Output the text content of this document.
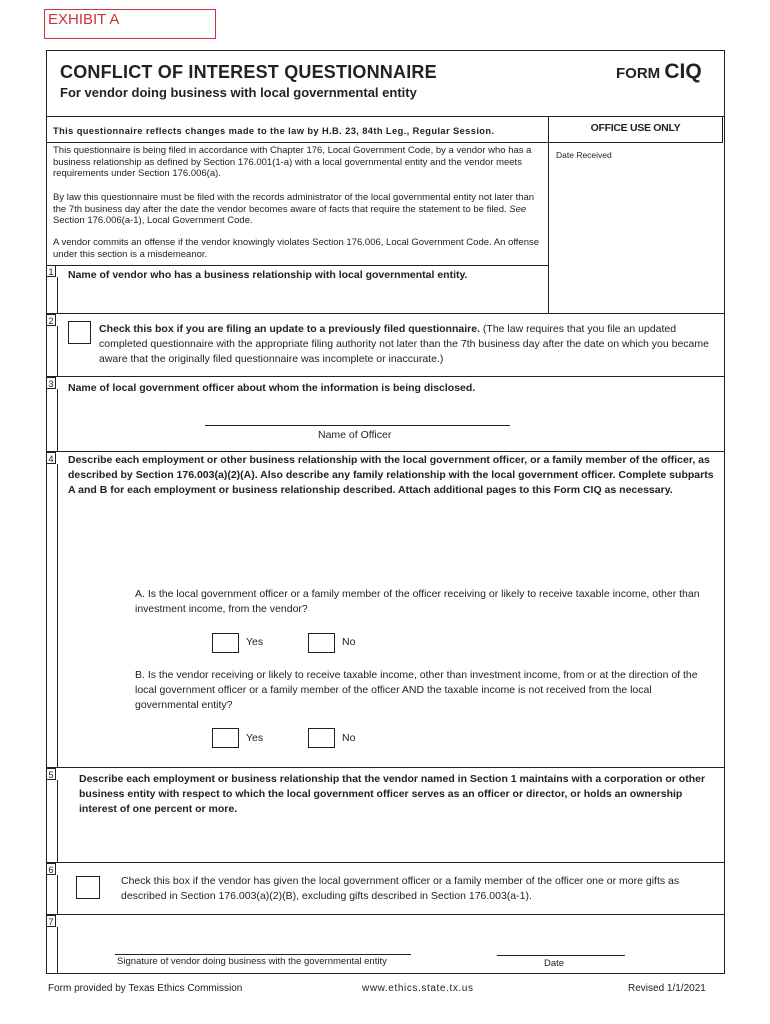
EXHIBIT A
CONFLICT OF INTEREST QUESTIONNAIRE	FORM CIQ
For vendor doing business with local governmental entity
This questionnaire reflects changes made to the law by H.B. 23, 84th Leg., Regular Session.
This questionnaire is being filed in accordance with Chapter 176, Local Government Code, by a vendor who has a business relationship as defined by Section 176.001(1-a) with a local governmental entity and the vendor meets requirements under Section 176.006(a).
By law this questionnaire must be filed with the records administrator of the local governmental entity not later than the 7th business day after the date the vendor becomes aware of facts that require the statement to be filed. See Section 176.006(a-1), Local Government Code.
A vendor commits an offense if the vendor knowingly violates Section 176.006, Local Government Code. An offense under this section is a misdemeanor.
OFFICE USE ONLY
Date Received
1 Name of vendor who has a business relationship with local governmental entity.
2
Check this box if you are filing an update to a previously filed questionnaire. (The law requires that you file an updated completed questionnaire with the appropriate filing authority not later than the 7th business day after the date on which you became aware that the originally filed questionnaire was incomplete or inaccurate.)
3 Name of local government officer about whom the information is being disclosed.
Name of Officer
4 Describe each employment or other business relationship with the local government officer, or a family member of the officer, as described by Section 176.003(a)(2)(A). Also describe any family relationship with the local government officer. Complete subparts A and B for each employment or business relationship described. Attach additional pages to this Form CIQ as necessary.
A. Is the local government officer or a family member of the officer receiving or likely to receive taxable income, other than investment income, from the vendor?
Yes	No
B. Is the vendor receiving or likely to receive taxable income, other than investment income, from or at the direction of the local government officer or a family member of the officer AND the taxable income is not received from the local governmental entity?
Yes	No
5 Describe each employment or business relationship that the vendor named in Section 1 maintains with a corporation or other business entity with respect to which the local government officer serves as an officer or director, or holds an ownership interest of one percent or more.
6
Check this box if the vendor has given the local government officer or a family member of the officer one or more gifts as described in Section 176.003(a)(2)(B), excluding gifts described in Section 176.003(a-1).
7
Signature of vendor doing business with the governmental entity	Date
Form provided by Texas Ethics Commission	www.ethics.state.tx.us	Revised 1/1/2021
